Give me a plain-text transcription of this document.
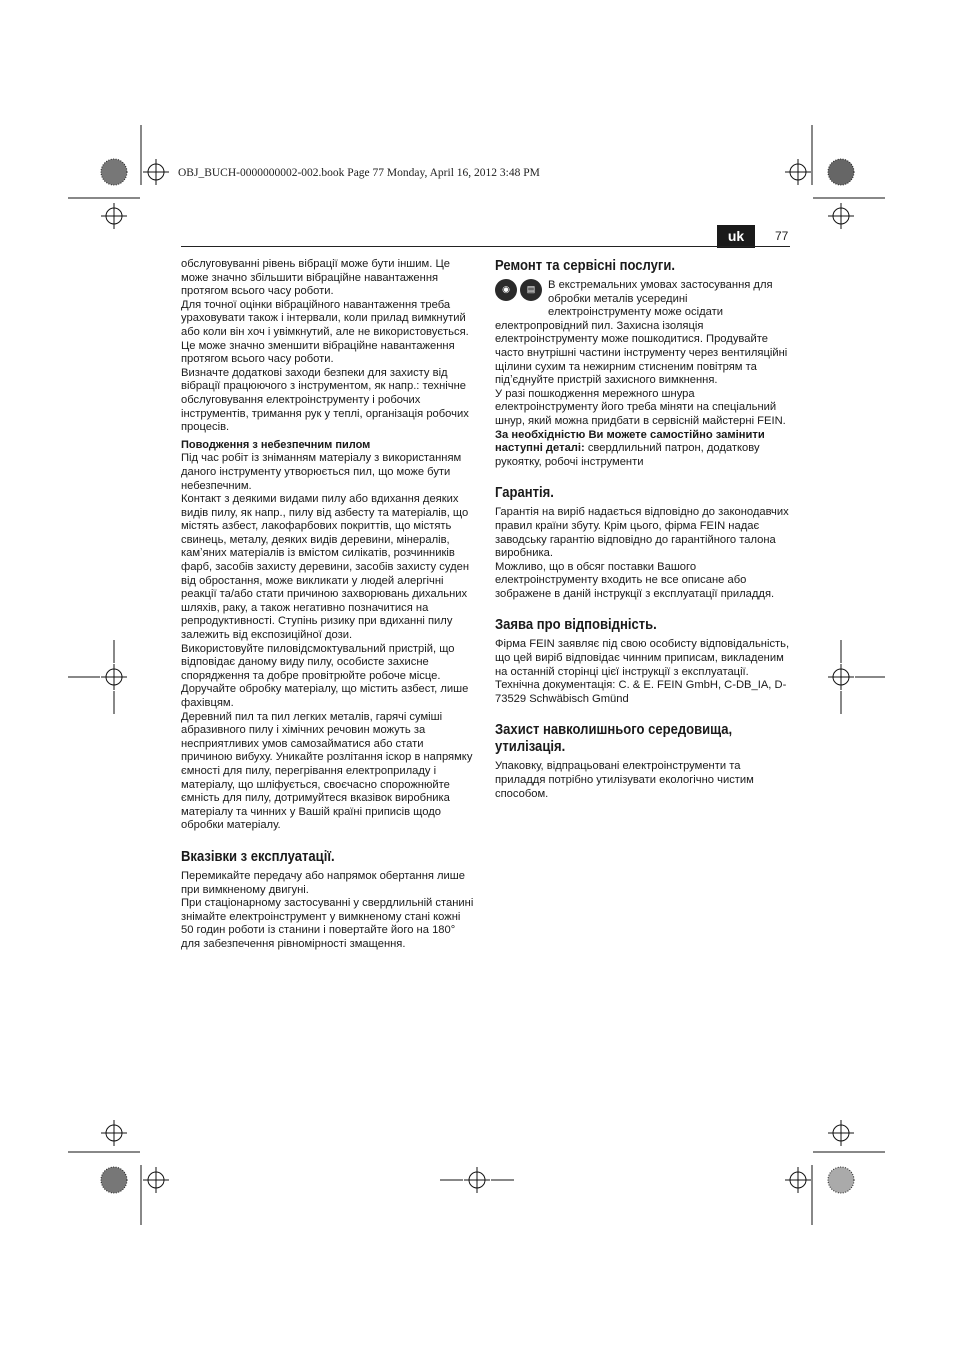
OBJ_BUCH-0000000002-002.book Page 77 Monday, April 16, 2012 3:48 PM
uk	77

обслуговуванні рівень вібрації може бути іншим. Це може значно збільшити вібраційне навантаження протягом всього часу роботи.

Для точної оцінки вібраційного навантаження треба ураховувати також і інтервали, коли прилад вимкнутий або коли він хоч і увімкнутий, але не використовується. Це може значно зменшити вібраційне навантаження протягом всього часу роботи.

Визначте додаткові заходи безпеки для захисту від вібрації працюючого з інструментом, як напр.: технічне обслуговування електроінструменту і робочих інструментів, тримання рук у теплі, організація робочих процесів.

Поводження з небезпечним пилом

Під час робіт із зніманням матеріалу з використанням даного інструменту утворюється пил, що може бути небезпечним.

Контакт з деякими видами пилу або вдихання деяких видів пилу, як напр., пилу від азбесту та матеріалів, що містять азбест, лакофарбових покриттів, що містять свинець, металу, деяких видів деревини, мінералів, камʼяних матеріалів із вмістом силікатів, розчинників фарб, засобів захисту деревини, засобів захисту суден від обростання, може викликати у людей алергічні реакції та/або стати причиною захворювань дихальних шляхів, раку, а також негативно позначитися на репродуктивності. Ступінь ризику при вдиханні пилу залежить від експозиційної дози.

Використовуйте пиловідсмоктувальний пристрій, що відповідає даному виду пилу, особисте захисне спорядження та добре провітрюйте робоче місце.

Доручайте обробку матеріалу, що містить азбест, лише фахівцям.

Деревний пил та пил легких металів, гарячі суміші абразивного пилу і хімічних речовин можуть за несприятливих умов самозайматися або стати причиною вибуху. Уникайте розлітання іскор в напрямку ємності для пилу, перегрівання електроприладу і матеріалу, що шліфується, своєчасно спорожнюйте ємність для пилу, дотримуйтеся вказівок виробника матеріалу та чинних у Вашій країні приписів щодо обробки матеріалу.

Вказівки з експлуатації.

Перемикайте передачу або напрямок обертання лише при вимкненому двигуні.

При стаціонарному застосуванні у свердлильній станині знімайте електроінструмент у вимкненому стані кожні 50 годин роботи із станини і повертайте його на 180° для забезпечення рівномірності змащення.

Ремонт та сервісні послуги.
◉	▤	В екстремальних умовах застосування для обробки металів усередині електроінструменту може осідати електропровідний пил. Захисна ізоляція електроінструменту може пошкодитися. Продувайте часто внутрішні частини інструменту через вентиляційні щілини сухим та нежирним стисненим повітрям та підʼєднуйте пристрій захисного вимкнення.

У разі пошкодження мережного шнура електроінструменту його треба міняти на спеціальний шнур, який можна придбати в сервісній майстерні FEIN.

За необхідністю Ви можете самостійно замінити наступні деталі: свердлильний патрон, додаткову рукоятку, робочі інструменти

Гарантія.

Гарантія на виріб надається відповідно до законодавчих правил країни збуту. Крім цього, фірма FEIN надає заводську гарантію відповідно до гарантійного талона виробника.

Можливо, що в обсяг поставки Вашого електроінструменту входить не все описане або зображене в даній інструкції з експлуатації приладдя.

Заява про відповідність.

Фірма FEIN заявляє під свою особисту відповідальність, що цей виріб відповідає чинним приписам, викладеним на останній сторінці цієї інструкції з експлуатації.

Технічна документація: C. & E. FEIN GmbH, C-DB_IA, D-73529 Schwäbisch Gmünd

Захист навколишнього середовища,
утилізація.

Упаковку, відпрацьовані електроінструменти та приладдя потрібно утилізувати екологічно чистим способом.
